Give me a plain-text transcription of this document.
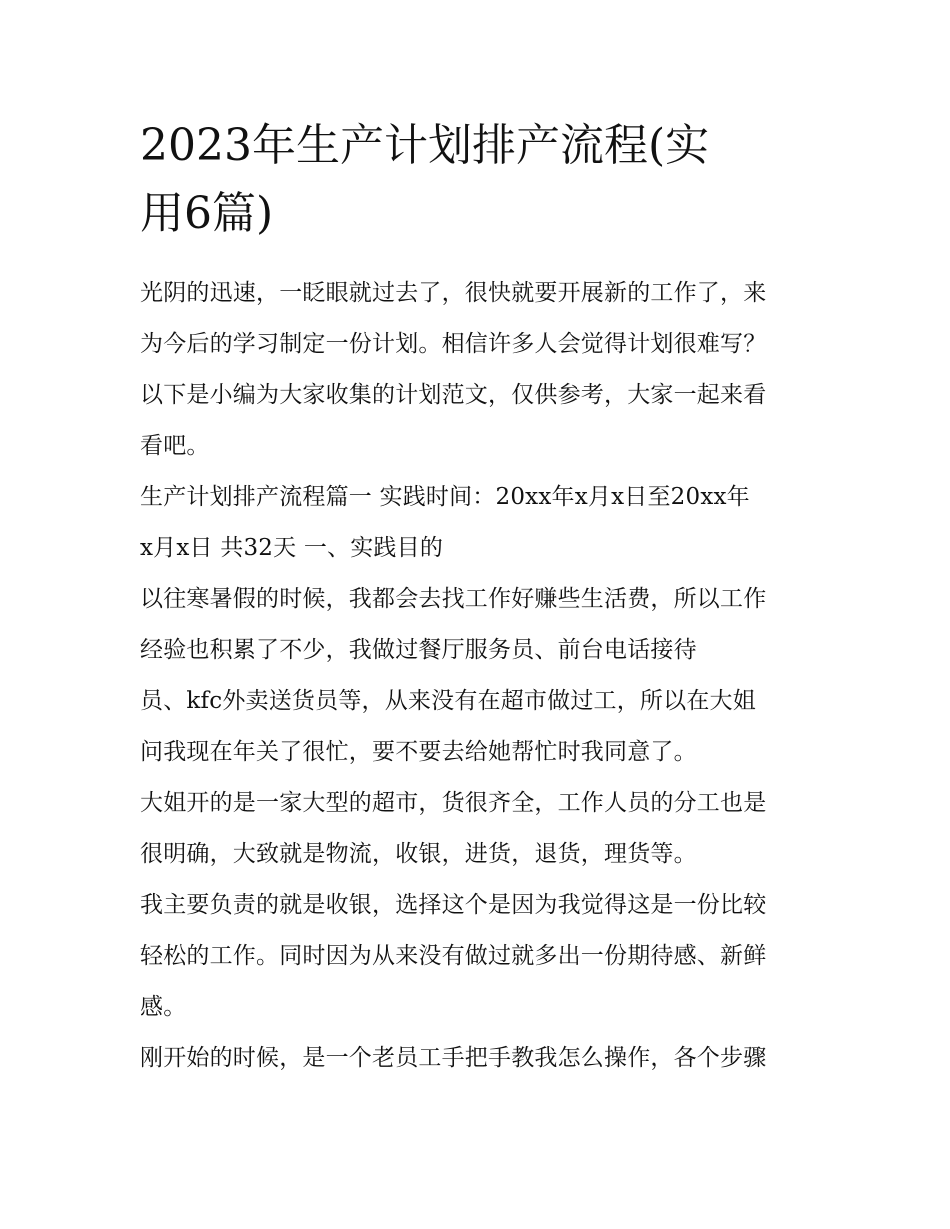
2023年生产计划排产流程(实
用6篇)
光阴的迅速，一眨眼就过去了，很快就要开展新的工作了，来
为今后的学习制定一份计划。相信许多人会觉得计划很难写？
以下是小编为大家收集的计划范文，仅供参考，大家一起来看
看吧。
生产计划排产流程篇一 实践时间：20xx年x月x日至20xx年
x月x日 共32天 一、实践目的
以往寒暑假的时候，我都会去找工作好赚些生活费，所以工作
经验也积累了不少，我做过餐厅服务员、前台电话接待
员、kfc外卖送货员等，从来没有在超市做过工，所以在大姐
问我现在年关了很忙，要不要去给她帮忙时我同意了。
大姐开的是一家大型的超市，货很齐全，工作人员的分工也是
很明确，大致就是物流，收银，进货，退货，理货等。
我主要负责的就是收银，选择这个是因为我觉得这是一份比较
轻松的工作。同时因为从来没有做过就多出一份期待感、新鲜
感。
刚开始的时候，是一个老员工手把手教我怎么操作，各个步骤
